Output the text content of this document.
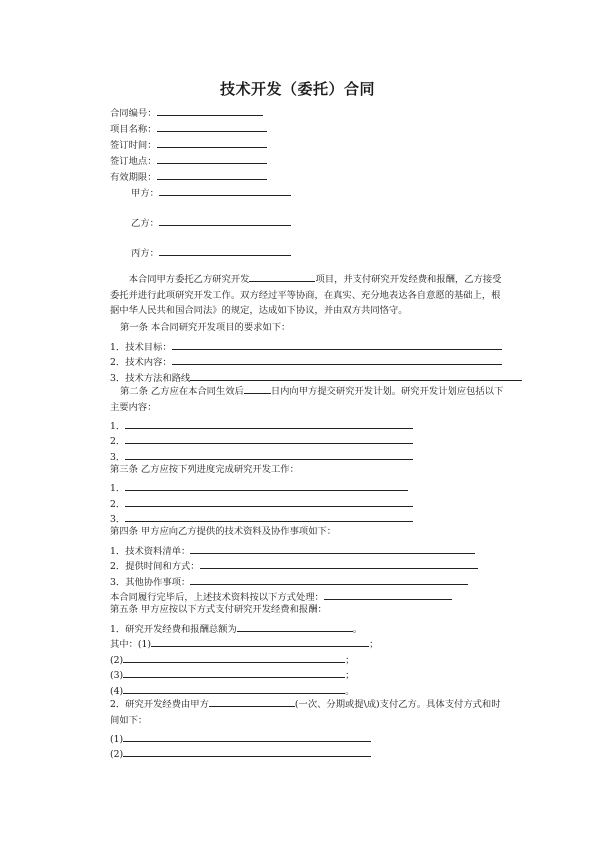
技术开发（委托）合同
合同编号：
项目名称：
签订时间：
签订地点：
有效期限：
甲方：
乙方：
丙方：
本合同甲方委托乙方研究开发	项目，并支付研究开发经费和报酬，乙方接受委托并进行此项研究开发工作。双方经过平等协商，在真实、充分地表达各自意愿的基础上，根据中华人民共和国合同法》的规定，达成如下协议，并由双方共同恪守。
第一条 本合同研究开发项目的要求如下：
1．技术目标：
2．技术内容：
3．技术方法和路线
第二条 乙方应在本合同生效后	日内向甲方提交研究开发计划。研究开发计划应包括以下主要内容：
1．
2．
3．
第三条 乙方应按下列进度完成研究开发工作：
1．
2．
3．
第四条 甲方应向乙方提供的技术资料及协作事项如下：
1．技术资料清单：
2．提供时间和方式：
3．其他协作事项：
本合同履行完毕后，上述技术资料按以下方式处理：
第五条 甲方应按以下方式支付研究开发经费和报酬：
1．研究开发经费和报酬总额为	。
其中：(1)	；
(2)	；
(3)	；
(4)	。
2．研究开发经费由甲方	(一次、分期或提\成)支付乙方。具体支付方式和时间如下：
(1)
(2)
